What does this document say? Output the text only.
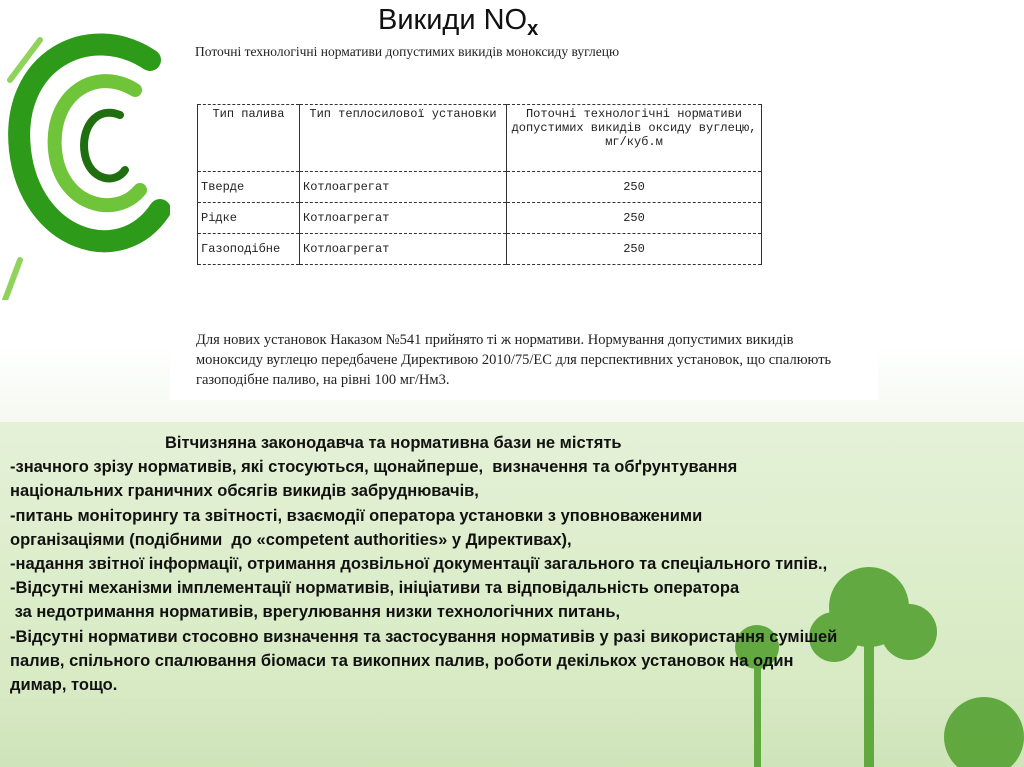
Викиди $NO_x$
Поточні технологічні нормативи допустимих викидів моноксиду вуглецю
Тип палива	Тип теплосилової установки	Поточні технологічні нормативи допустимих викидів оксиду вуглецю, мг/куб.м
Тверде	Котлоагрегат	250
Рідке	Котлоагрегат	250
Газоподібне	Котлоагрегат	250

Для нових установок Наказом №541 прийнято ті ж нормативи. Нормування допустимих викидів моноксиду вуглецю передбачене Директивою 2010/75/ЕС для перспективних установок, що спалюють газоподібне паливо, на рівні 100 мг/Нм3.

Вітчизняна законодавча та нормативна бази не містять
-значного зрізу нормативів, які стосуються, щонайперше,  визначення та обґрунтування
національних граничних обсягів викидів забруднювачів,
-питань моніторингу та звітності, взаємодії оператора установки з уповноваженими
організаціями (подібними  до «competent authorities» у Директивах),
-надання звітної інформації, отримання дозвільної документації загального та спеціального типів.,
-Відсутні механізми імплементації нормативів, ініціативи та відповідальність оператора
за недотримання нормативів, врегулювання низки технологічних питань,
-Відсутні нормативи стосовно визначення та застосування нормативів у разі використання сумішей
палив, спільного спалювання біомаси та викопних палив, роботи декількох установок на один
димар, тощо.
